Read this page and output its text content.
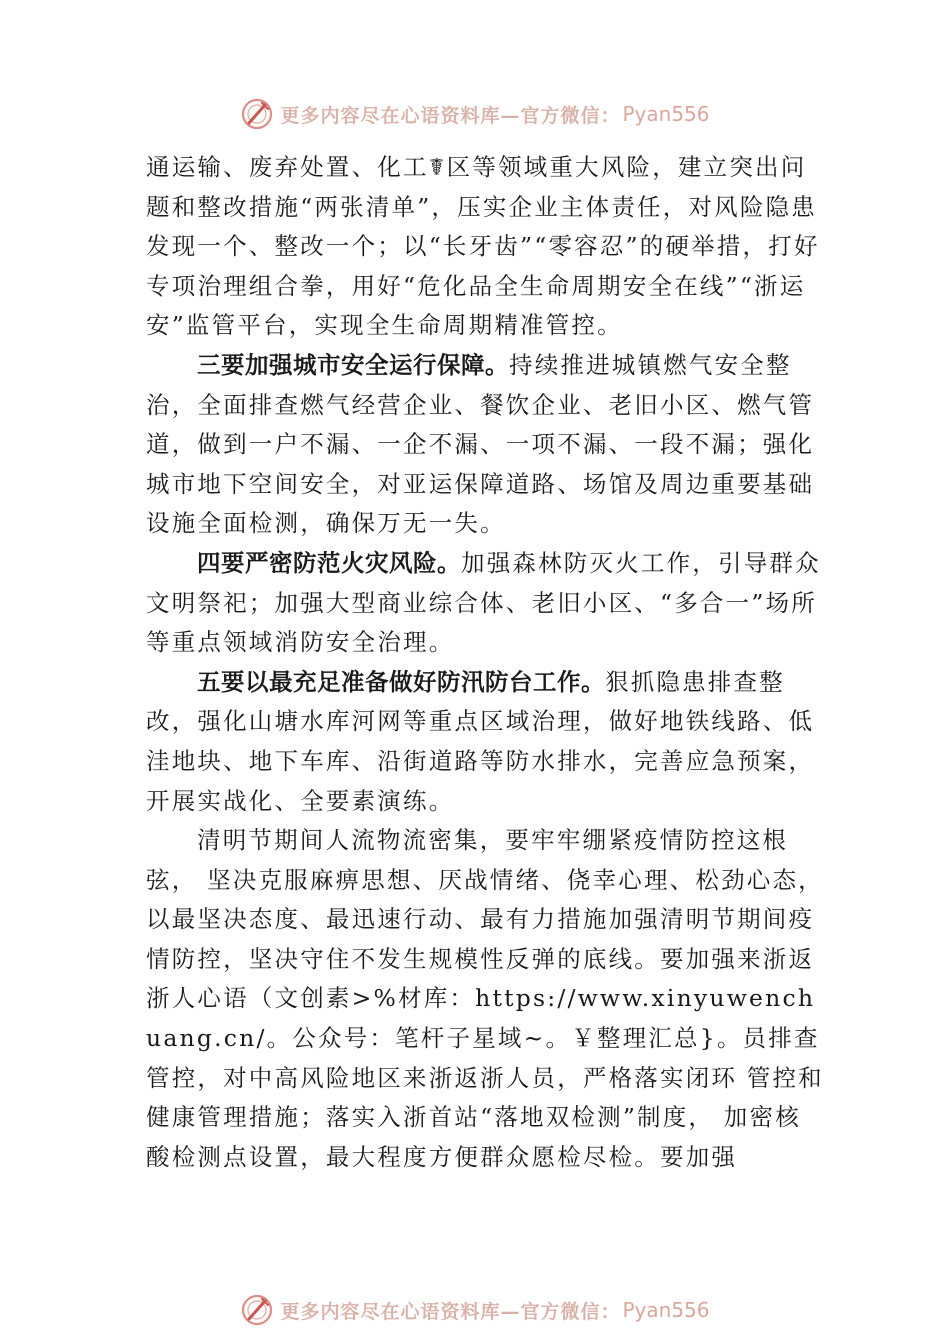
更多内容尽在心语资料库—官方微信： Pyan556

通运输、废弃处置、化工☤区等领域重大风险，建立突出问题和整改措施“两张清单”，压实企业主体责任，对风险隐患发现一个、整改一个；以“长牙齿”“零容忍”的硬举措，打好专项治理组合拳，用好“危化品全生命周期安全在线”“浙运安”监管平台，实现全生命周期精准管控。

三要加强城市安全运行保障。持续推进城镇燃气安全整治，全面排查燃气经营企业、餐饮企业、老旧小区、燃气管道，做到一户不漏、一企不漏、一项不漏、一段不漏；强化城市地下空间安全，对亚运保障道路、场馆及周边重要基础设施全面检测，确保万无一失。

四要严密防范火灾风险。加强森林防灭火工作，引导群众文明祭祀；加强大型商业综合体、老旧小区、“多合一”场所等重点领域消防安全治理。

五要以最充足准备做好防汛防台工作。狠抓隐患排查整改，强化山塘水库河网等重点区域治理，做好地铁线路、低洼地块、地下车库、沿街道路等防水排水，完善应急预案，开展实战化、全要素演练。

清明节期间人流物流密集，要牢牢绷紧疫情防控这根弦， 坚决克服麻痹思想、厌战情绪、侥幸心理、松劲心态，以最坚决态度、最迅速行动、最有力措施加强清明节期间疫情防控，坚决守住不发生规模性反弹的底线。要加强来浙返浙人心语（文创素>%材库：https://www.xinyuwenchuang.cn/。公众号：笔杆子星域~。￥整理汇总}。员排查管控，对中高风险地区来浙返浙人员，严格落实闭环 管控和健康管理措施；落实入浙首站“落地双检测”制度， 加密核酸检测点设置，最大程度方便群众愿检尽检。要加强

更多内容尽在心语资料库—官方微信： Pyan556
